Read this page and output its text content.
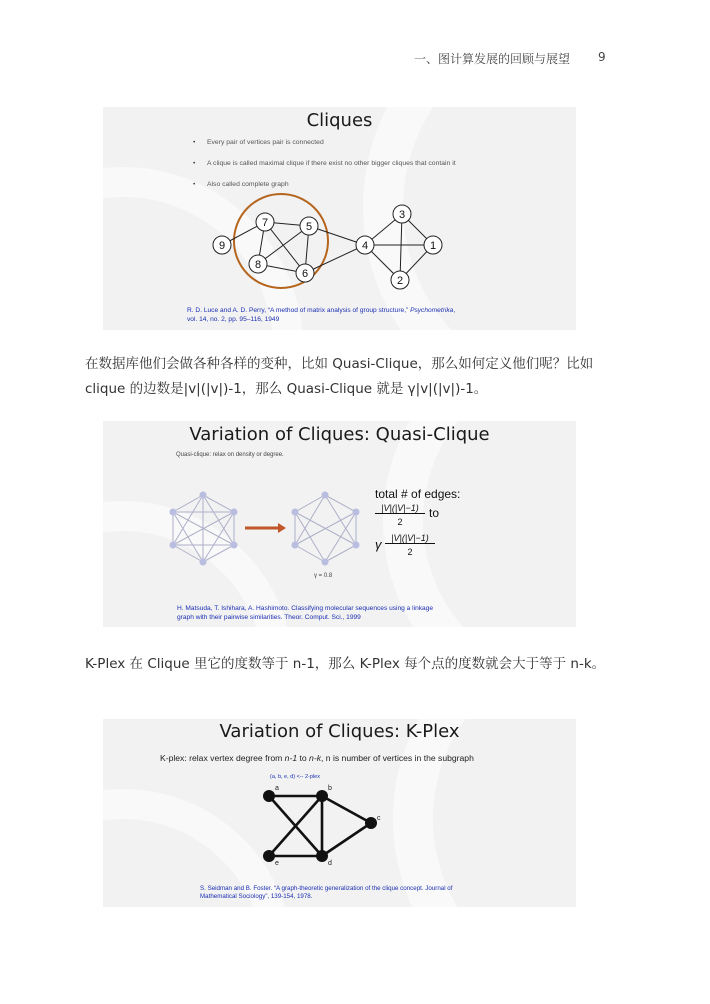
一、图计算发展的回顾与展望 9
Cliques
• Every pair of vertices pair is connected
• A clique is called maximal clique if there exist no other bigger cliques that contain it
• Also called complete graph
1
2
3
4
5
6
7
8
9
R. D. Luce and A. D. Perry, “A method of matrix analysis of group structure,” Psychometrika,
vol. 14, no. 2, pp. 95–116, 1949
在数据库他们会做各种各样的变种，比如 Quasi-Clique，那么如何定义他们呢？比如 clique 的边数是|v|(|v|)-1，那么 Quasi-Clique 就是 γ|v|(|v|)-1。
Variation of Cliques: Quasi-Clique
Quasi-clique: relax on density or degree.
γ = 0.8
total # of edges:
|V|(|V|−1)
2
to
γ	|V|(|V|−1)
2
H. Matsuda, T. Ishihara, A. Hashimoto. Classifying molecular sequences using a linkage
graph with their pairwise similarities. Theor. Comput. Sci., 1999
K-Plex 在 Clique 里它的度数等于 n-1，那么 K-Plex 每个点的度数就会大于等于 n-k。
Variation of Cliques: K-Plex
K-plex: relax vertex degree from n-1 to n-k, n is number of vertices in the subgraph
(a, b, e, d) <-- 2-plex
a	b
c
d
e
S. Seidman and B. Foster. “A graph-theoretic generalization of the clique concept. Journal of
Mathematical Sociology”, 139-154, 1978.
